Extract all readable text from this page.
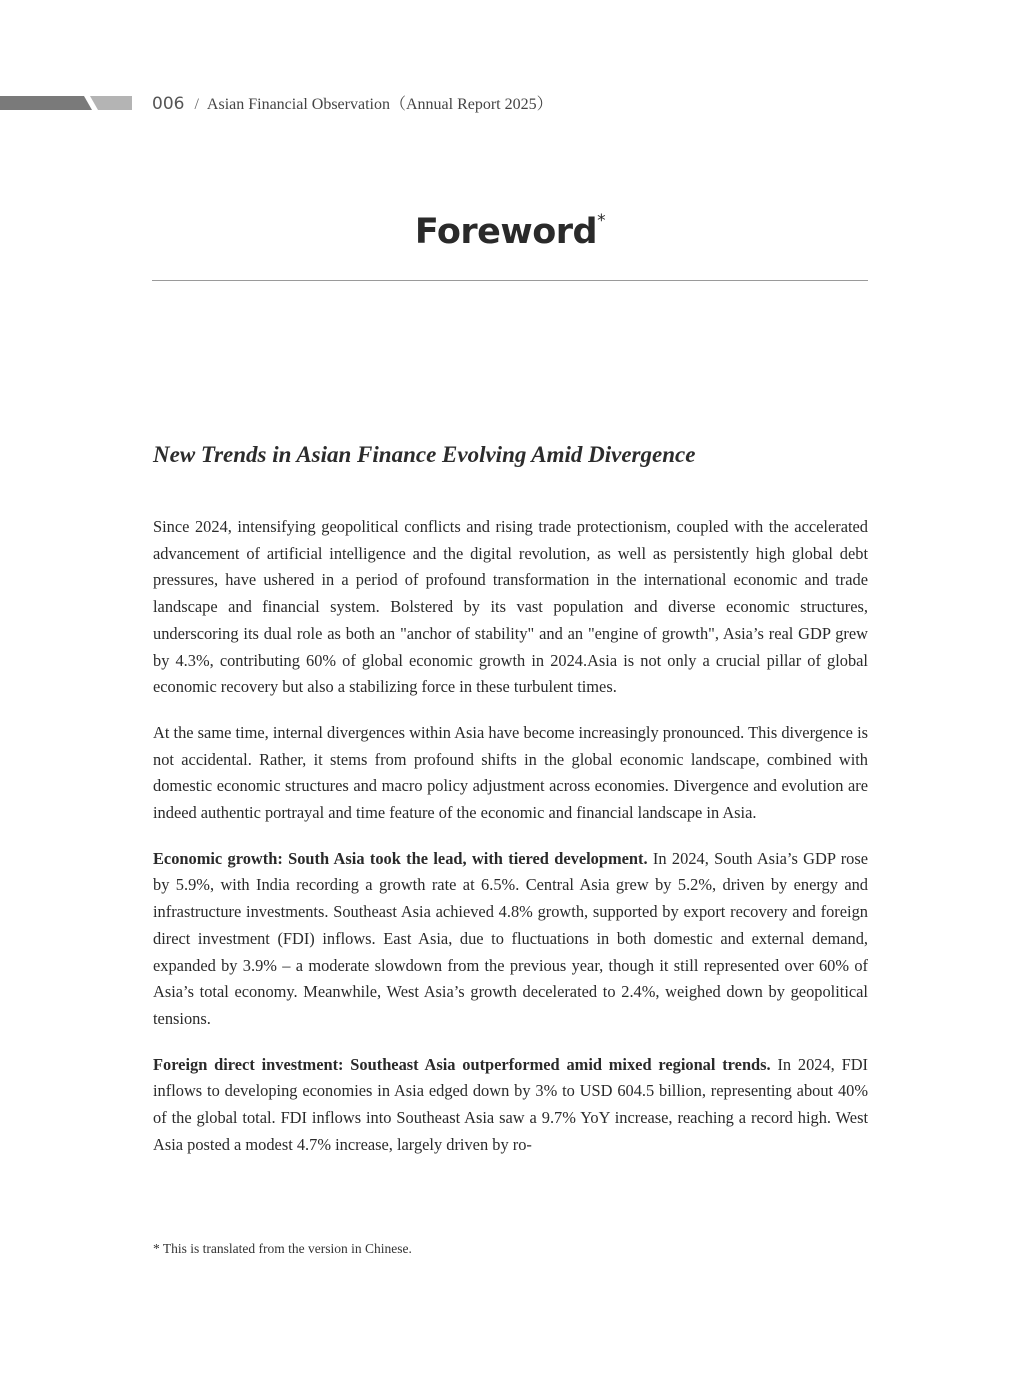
006 / Asian Financial Observation（Annual Report 2025）
Foreword*
New Trends in Asian Finance Evolving Amid Divergence

Since 2024, intensifying geopolitical conflicts and rising trade protectionism, coupled with the accelerated advancement of artificial intelligence and the digital revolution, as well as persistently high global debt pressures, have ushered in a period of profound transformation in the international economic and trade landscape and financial system. Bolstered by its vast population and diverse economic structures, underscoring its dual role as both an "anchor of stability" and an "engine of growth", Asia’s real GDP grew by 4.3%, contributing 60% of global economic growth in 2024.Asia is not only a crucial pillar of global economic recovery but also a stabilizing force in these turbulent times.

At the same time, internal divergences within Asia have become increasingly pronounced. This divergence is not accidental. Rather, it stems from profound shifts in the global economic landscape, combined with domestic economic structures and macro policy adjustment across economies. Divergence and evolution are indeed authentic portrayal and time feature of the economic and financial landscape in Asia.

Economic growth: South Asia took the lead, with tiered development. In 2024, South Asia’s GDP rose by 5.9%, with India recording a growth rate at 6.5%. Central Asia grew by 5.2%, driven by energy and infrastructure investments. Southeast Asia achieved 4.8% growth, supported by export recovery and foreign direct investment (FDI) inflows. East Asia, due to fluctuations in both domestic and external demand, expanded by 3.9% – a moderate slowdown from the previous year, though it still represented over 60% of Asia’s total economy. Meanwhile, West Asia’s growth decelerated to 2.4%, weighed down by geopolitical tensions.

Foreign direct investment: Southeast Asia outperformed amid mixed regional trends. In 2024, FDI inflows to developing economies in Asia edged down by 3% to USD 604.5 billion, representing about 40% of the global total. FDI inflows into Southeast Asia saw a 9.7% YoY increase, reaching a record high. West Asia posted a modest 4.7% increase, largely driven by ro-

* This is translated from the version in Chinese.
